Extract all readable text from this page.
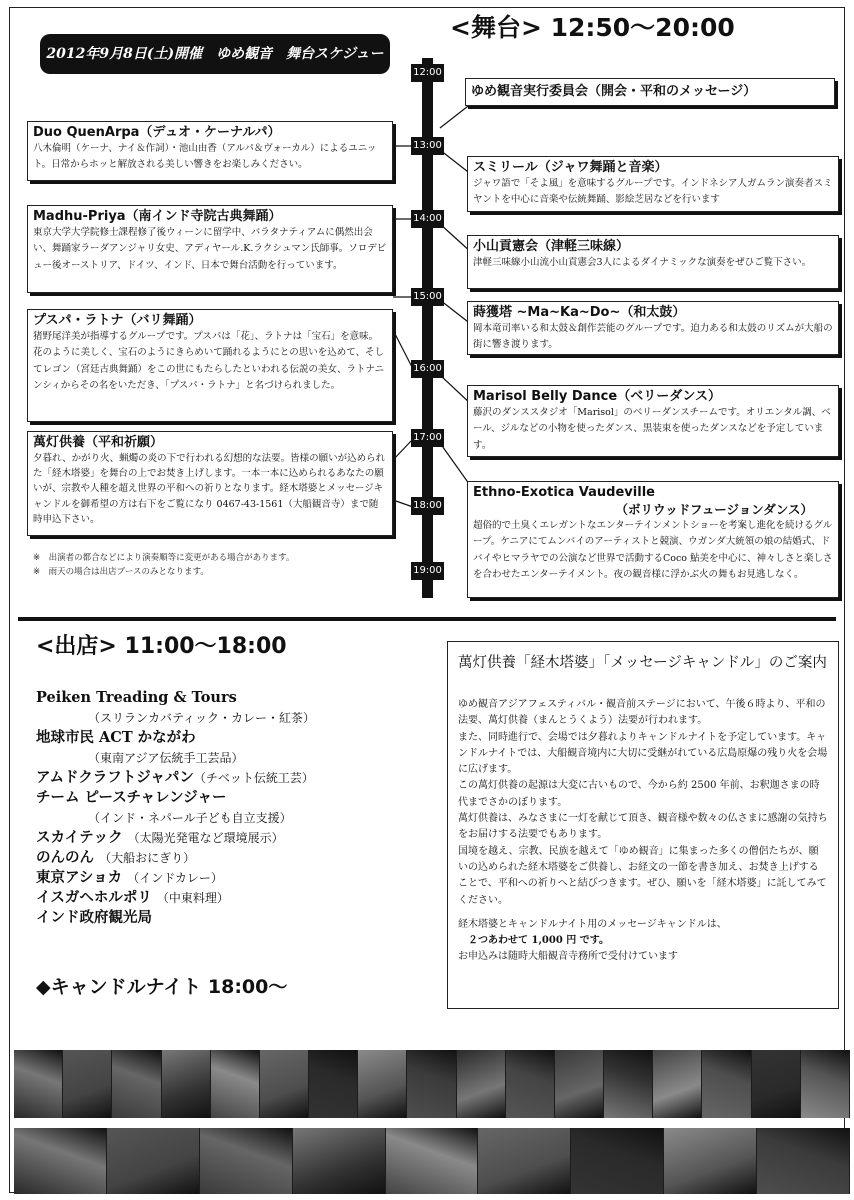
2012年9月8日(土)開催　ゆめ観音　舞台スケジュール
<舞台> 12:50〜20:00
12:00
13:00
14:00
15:00
16:00
17:00
18:00
19:00
Duo QuenArpa（デュオ・ケーナルパ）
八木倫明（ケーナ、ナイ＆作詞）・池山由香（アルパ＆ヴォーカル）によるユニット。日常からホッと解放される美しい響きをお楽しみください。
Madhu-Priya（南インド寺院古典舞踊）
東京大学大学院修士課程修了後ウィーンに留学中、バラタナティアムに偶然出会い、舞踊家ラーダアンジャリ女史、アディヤール.K.ラクシュマン氏師事。ソロデビュー後オーストリア、ドイツ、インド、日本で舞台活動を行っています。
プスパ・ラトナ（バリ舞踊）
猪野尾洋美が指導するグループです。プスパは「花」、ラトナは「宝石」を意味。花のように美しく、宝石のようにきらめいて踊れるようにとの思いを込めて、そしてレゴン（宮廷古典舞踊）をこの世にもたらしたといわれる伝説の美女、ラトナニンシィからその名をいただき、「プスパ・ラトナ」と名づけられました。
萬灯供養（平和祈願）
夕暮れ、かがり火、蝋燭の炎の下で行われる幻想的な法要。皆様の願いが込められた「経木塔婆」を舞台の上でお焚き上げします。一本一本に込められるあなたの願いが、宗教や人種を超え世界の平和への祈りとなります。経木塔婆とメッセージキャンドルを御希望の方は右下をご覧になり 0467-43-1561（大船観音寺）まで随時申込下さい。
※　出演者の都合などにより演奏順等に変更がある場合があります。
※　雨天の場合は出店ブースのみとなります。
ゆめ観音実行委員会（開会・平和のメッセージ）
スミリール（ジャワ舞踊と音楽）
ジャワ語で「そよ風」を意味するグループです。インドネシア人ガムラン演奏者スミヤントを中心に音楽や伝統舞踊、影絵芝居などを行います
小山貢憲会（津軽三味線）
津軽三味線小山流小山貢憲会3人によるダイナミックな演奏をぜひご覧下さい。
蒔獲塔 ~Ma~Ka~Do~（和太鼓）
岡本竜司率いる和太鼓＆創作芸能のグループです。迫力ある和太鼓のリズムが大船の街に響き渡ります。
Marisol Belly Dance（ベリーダンス）
藤沢のダンススタジオ「Marisol」のベリーダンスチームです。オリエンタル調、ベール、ジルなどの小物を使ったダンス、黒装束を使ったダンスなどを予定しています。
Ethno-Exotica Vaudeville
（ボリウッドフュージョンダンス）
超俗的で土臭くエレガントなエンターテインメントショーを考案し進化を続けるグループ。ケニアにてムンバイのアーティストと競演、ウガンダ大統領の娘の結婚式、ドバイやヒマラヤでの公演など世界で活動するCoco 鮎美を中心に、神々しさと楽しさを合わせたエンターテイメント。夜の観音様に浮かぶ火の舞もお見逃しなく。
<出店> 11:00〜18:00
Peiken Treading & Tours
（スリランカバティック・カレー・紅茶）
地球市民 ACT かながわ
（東南アジア伝統手工芸品）
アムドクラフトジャパン（チベット伝統工芸）
チーム ピースチャレンジャー
（インド・ネパール子ども自立支援）
スカイテック （太陽光発電など環境展示）
のんのん （大船おにぎり）
東京アショカ （インドカレー）
イスガヘホルポリ （中東料理）
インド政府観光局
◆キャンドルナイト 18:00〜
萬灯供養「経木塔婆」「メッセージキャンドル」のご案内
ゆめ観音アジアフェスティバル・観音前ステージにおいて、午後６時より、平和の法要、萬灯供養（まんとうくよう）法要が行われます。
また、同時進行で、会場では夕暮れよりキャンドルナイトを予定しています。キャンドルナイトでは、大船観音境内に大切に受継がれている広島原爆の残り火を会場に広げます。
この萬灯供養の起源は大変に古いもので、今から約 2500 年前、お釈迦さまの時代までさかのぼります。
萬灯供養は、みなさまに一灯を献じて頂き、観音様や数々の仏さまに感謝の気持ちをお届けする法要でもあります。
国境を越え、宗教、民族を越えて「ゆめ観音」に集まった多くの僧侶たちが、願いの込められた経木塔婆をご供養し、お経文の一節を書き加え、お焚き上げすることで、平和への祈りへと結びつきます。ぜひ、願いを「経木塔婆」に託してみてください。
経木塔婆とキャンドルナイト用のメッセージキャンドルは、
２つあわせて 1,000 円 です。
お申込みは随時大船観音寺務所で受付けています
